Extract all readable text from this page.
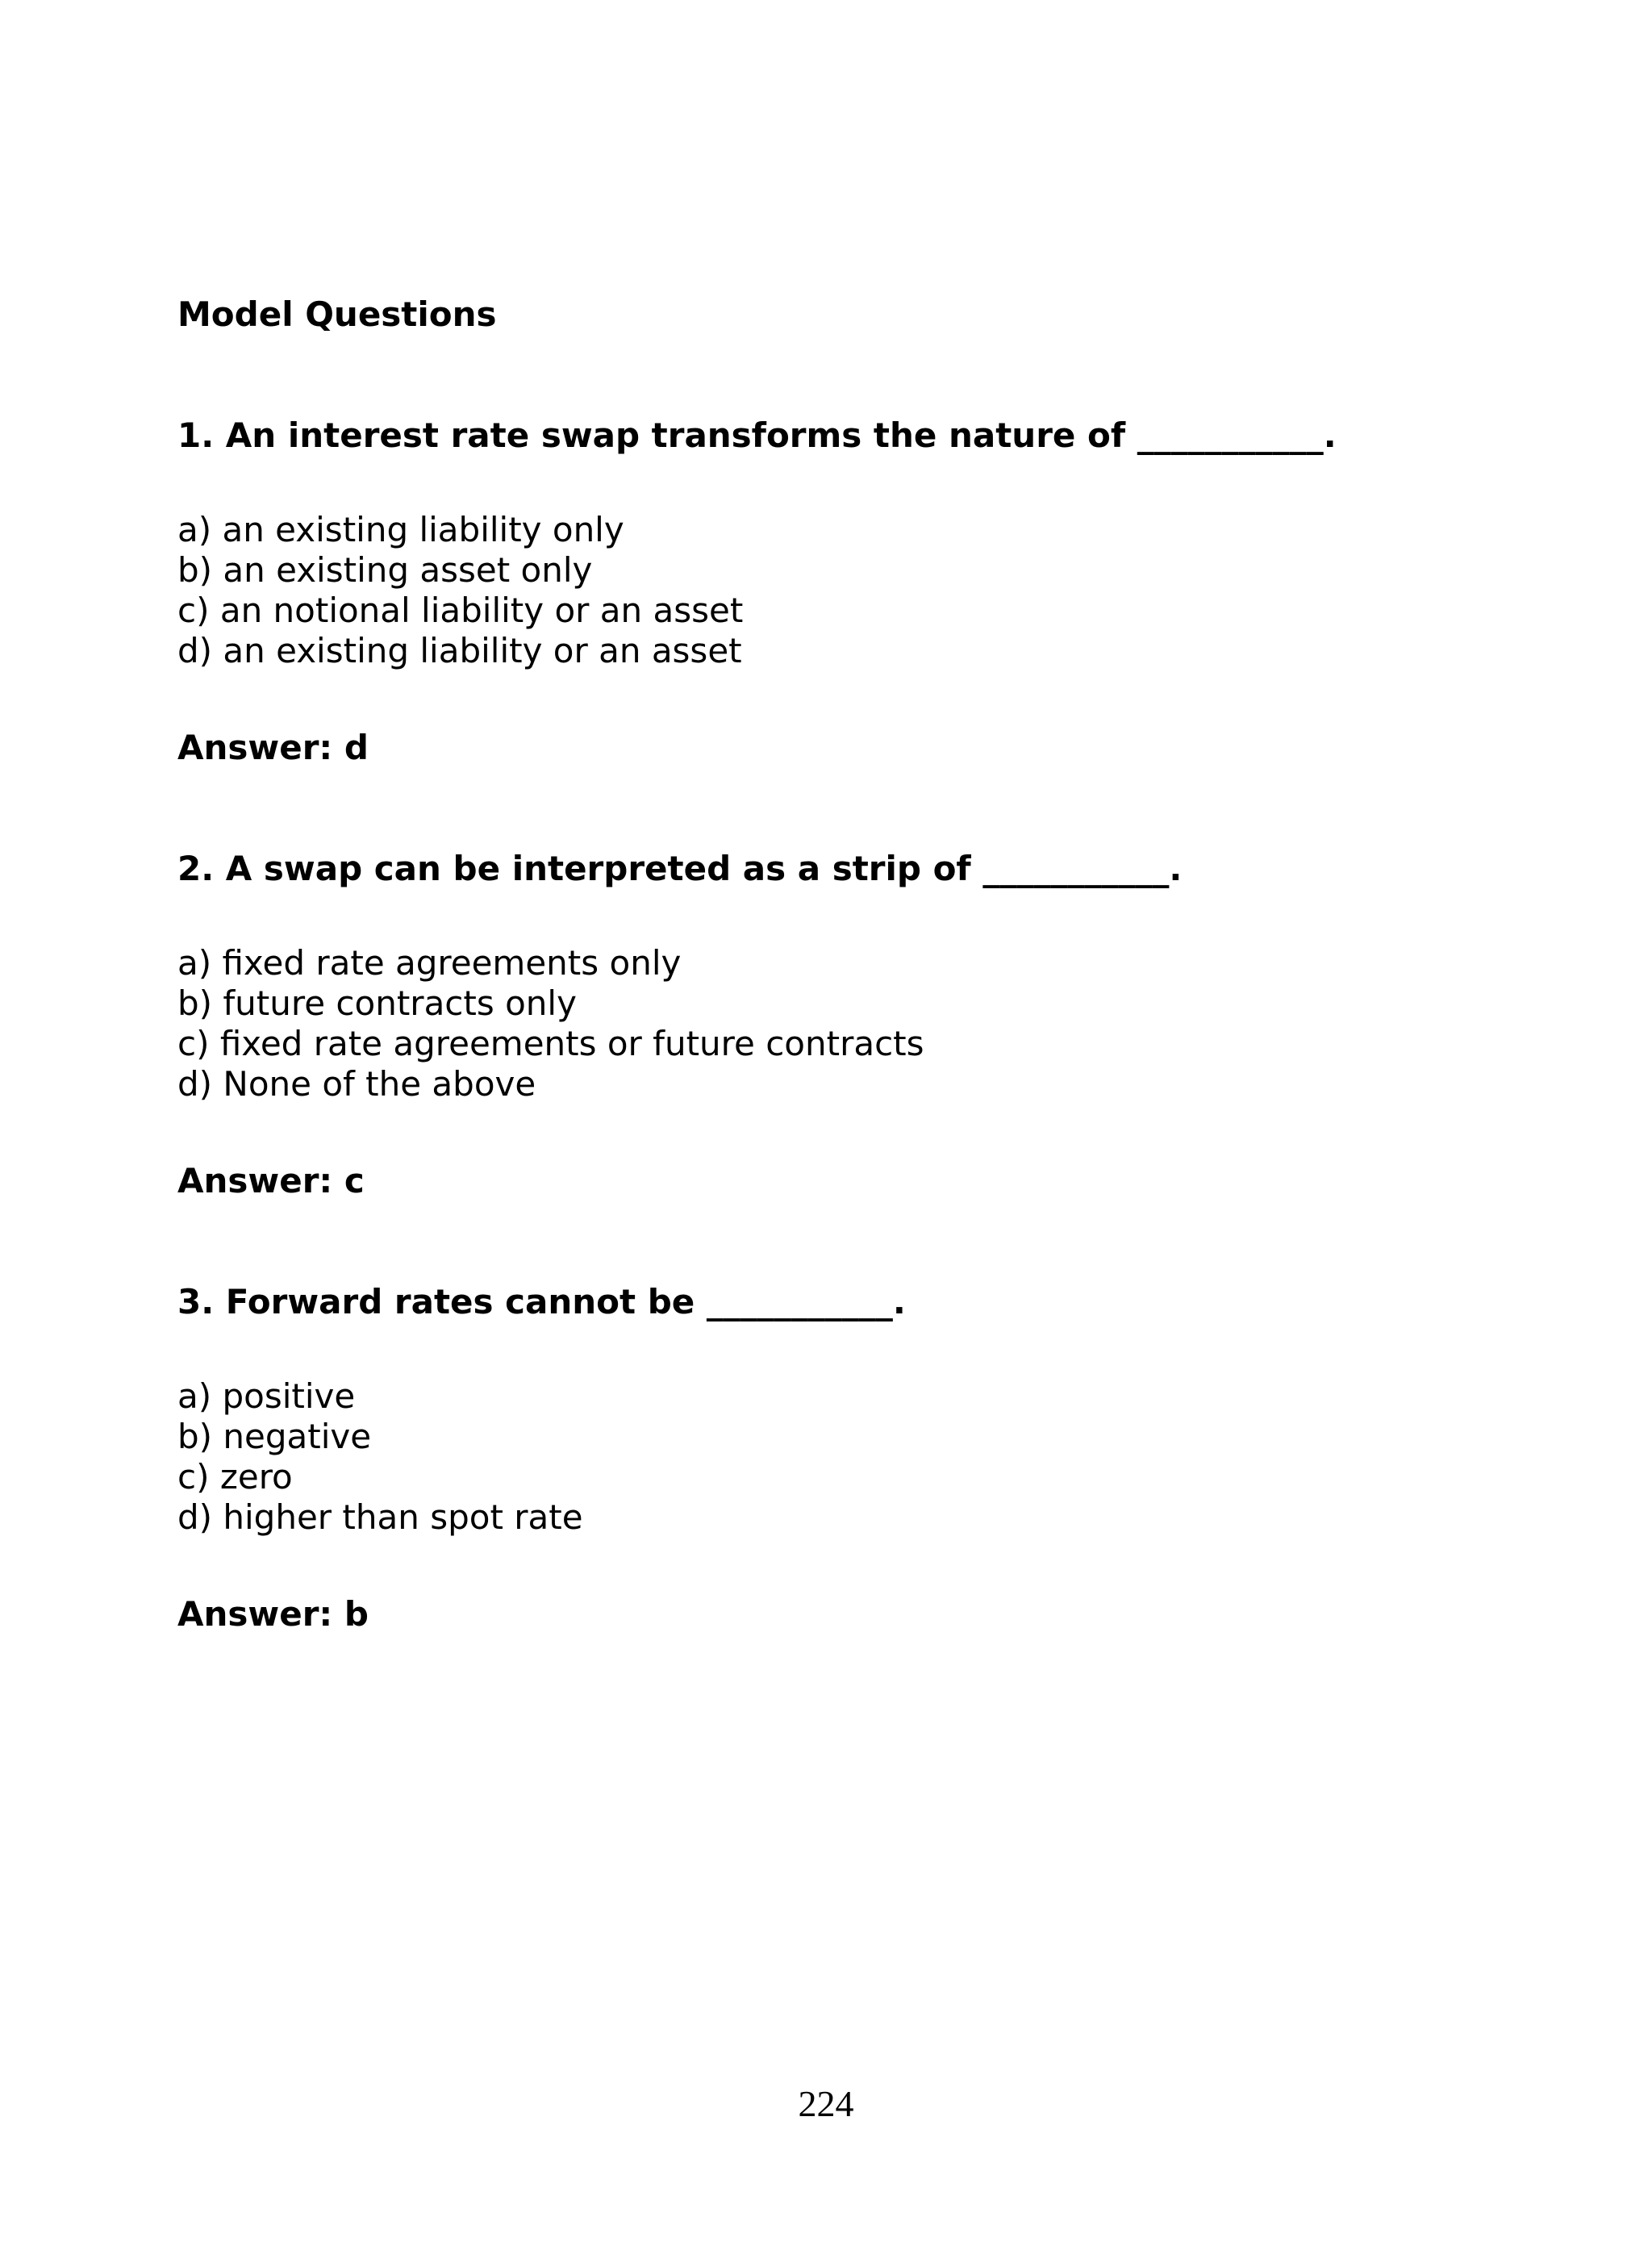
Model Questions

1. An interest rate swap transforms the nature of ___________.

a) an existing liability only
b) an existing asset only
c) an notional liability or an asset
d) an existing liability or an asset

Answer: d

2. A swap can be interpreted as a strip of ___________.

a) fixed rate agreements only
b) future contracts only
c) fixed rate agreements or future contracts
d) None of the above

Answer: c

3. Forward rates cannot be ___________.

a) positive
b) negative
c) zero
d) higher than spot rate

Answer: b

224
